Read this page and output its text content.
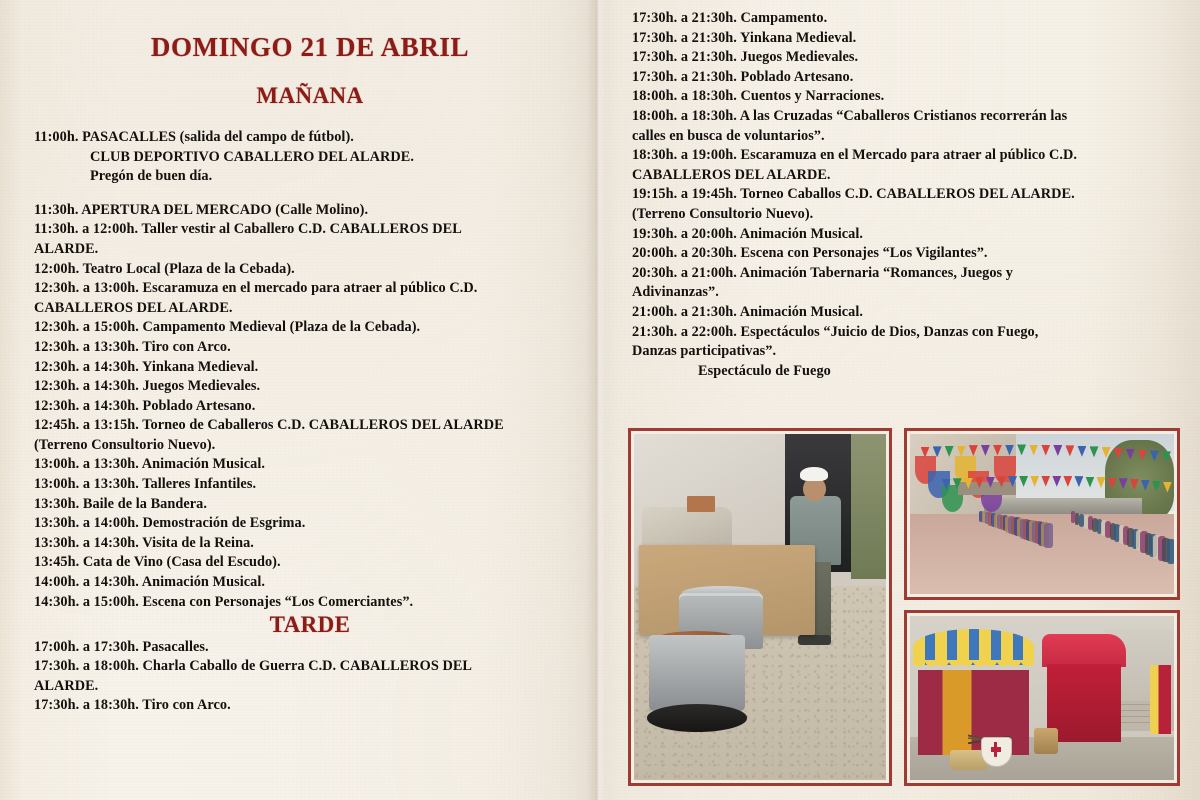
DOMINGO 21 DE ABRIL
MAÑANA
11:00h. PASACALLES (salida del campo de fútbol).
CLUB DEPORTIVO CABALLERO DEL ALARDE.
Pregón de buen día.
11:30h. APERTURA DEL MERCADO (Calle Molino).
11:30h. a 12:00h. Taller vestir al Caballero C.D. CABALLEROS DEL
ALARDE.
12:00h. Teatro Local (Plaza de la Cebada).
12:30h. a 13:00h. Escaramuza en el mercado para atraer al público C.D.
CABALLEROS DEL ALARDE.
12:30h. a 15:00h. Campamento Medieval (Plaza de la Cebada).
12:30h. a 13:30h. Tiro con Arco.
12:30h. a 14:30h. Yinkana Medieval.
12:30h. a 14:30h. Juegos Medievales.
12:30h. a 14:30h. Poblado Artesano.
12:45h. a 13:15h. Torneo de Caballeros C.D. CABALLEROS DEL ALARDE
(Terreno Consultorio Nuevo).
13:00h. a 13:30h. Animación Musical.
13:00h. a 13:30h. Talleres Infantiles.
13:30h. Baile de la Bandera.
13:30h. a 14:00h. Demostración de Esgrima.
13:30h. a 14:30h. Visita de la Reina.
13:45h. Cata de Vino (Casa del Escudo).
14:00h. a 14:30h. Animación Musical.
14:30h. a 15:00h. Escena con Personajes “Los Comerciantes”.
TARDE
17:00h. a 17:30h. Pasacalles.
17:30h. a 18:00h. Charla Caballo de Guerra C.D. CABALLEROS DEL
ALARDE.
17:30h. a 18:30h. Tiro con Arco.
17:30h. a 21:30h. Campamento.
17:30h. a 21:30h. Yinkana Medieval.
17:30h. a 21:30h. Juegos Medievales.
17:30h. a 21:30h. Poblado Artesano.
18:00h. a 18:30h. Cuentos y Narraciones.
18:00h. a 18:30h. A las Cruzadas “Caballeros Cristianos recorrerán las
calles en busca de voluntarios”.
18:30h. a 19:00h. Escaramuza en el Mercado para atraer al público C.D.
CABALLEROS DEL ALARDE.
19:15h. a 19:45h. Torneo Caballos C.D. CABALLEROS DEL ALARDE.
(Terreno Consultorio Nuevo).
19:30h. a 20:00h. Animación Musical.
20:00h. a 20:30h. Escena con Personajes “Los Vigilantes”.
20:30h. a 21:00h. Animación Tabernaria “Romances, Juegos y
Adivinanzas”.
21:00h. a 21:30h. Animación Musical.
21:30h. a 22:00h. Espectáculos “Juicio de Dios, Danzas con Fuego,
Danzas participativas”.
Espectáculo de Fuego
